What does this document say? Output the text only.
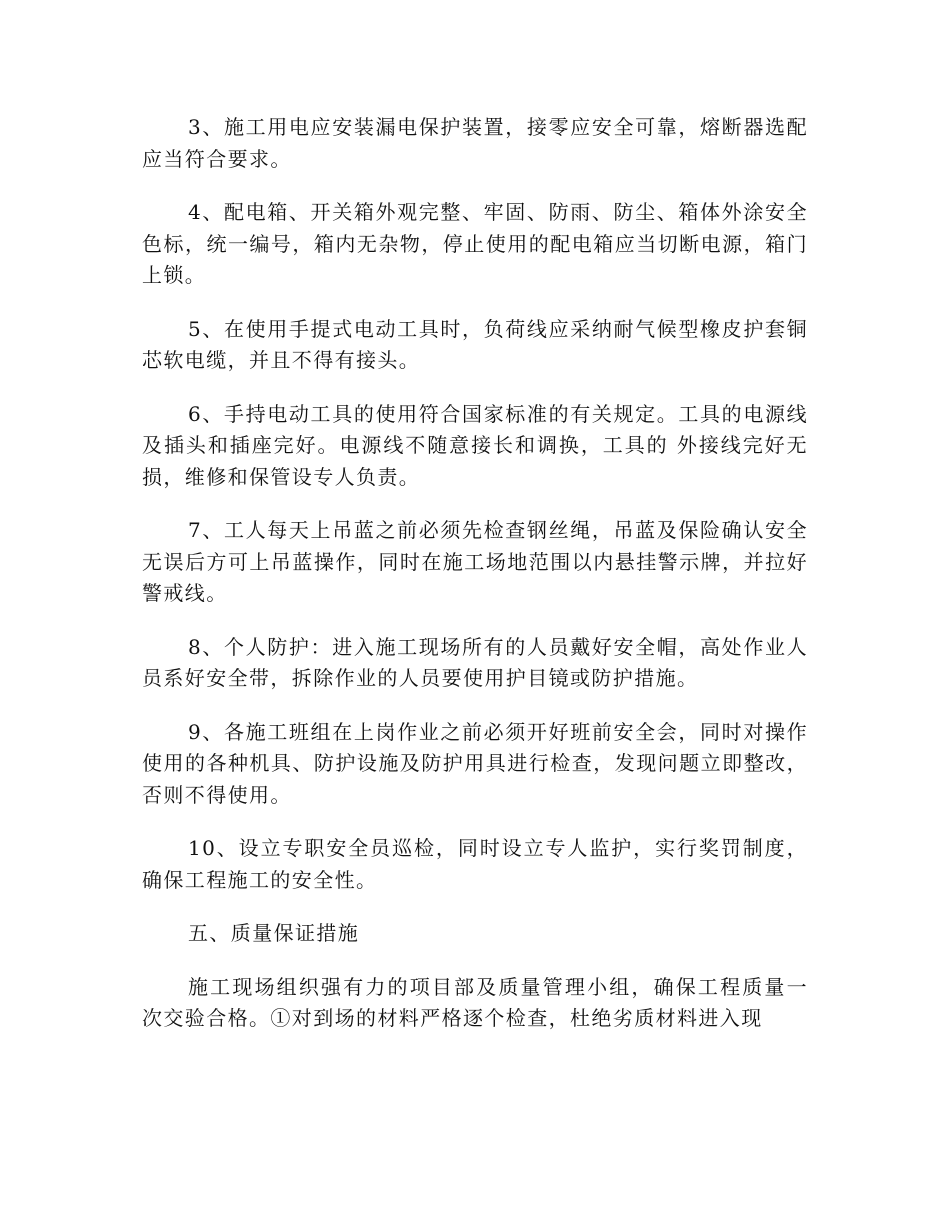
3、施工用电应安装漏电保护装置，接零应安全可靠，熔断器选配应当符合要求。

4、配电箱、开关箱外观完整、牢固、防雨、防尘、箱体外涂安全色标，统一编号，箱内无杂物，停止使用的配电箱应当切断电源，箱门上锁。

5、在使用手提式电动工具时，负荷线应采纳耐气候型橡皮护套铜芯软电缆，并且不得有接头。

6、手持电动工具的使用符合国家标准的有关规定。工具的电源线及插头和插座完好。电源线不随意接长和调换，工具的 外接线完好无损，维修和保管设专人负责。

7、工人每天上吊蓝之前必须先检查钢丝绳，吊蓝及保险确认安全无误后方可上吊蓝操作，同时在施工场地范围以内悬挂警示牌，并拉好警戒线。

8、个人防护：进入施工现场所有的人员戴好安全帽，高处作业人员系好安全带，拆除作业的人员要使用护目镜或防护措施。

9、各施工班组在上岗作业之前必须开好班前安全会，同时对操作使用的各种机具、防护设施及防护用具进行检查，发现问题立即整改，否则不得使用。

10、设立专职安全员巡检，同时设立专人监护，实行奖罚制度，确保工程施工的安全性。

五、质量保证措施

施工现场组织强有力的项目部及质量管理小组，确保工程质量一次交验合格。①对到场的材料严格逐个检查，杜绝劣质材料进入现
